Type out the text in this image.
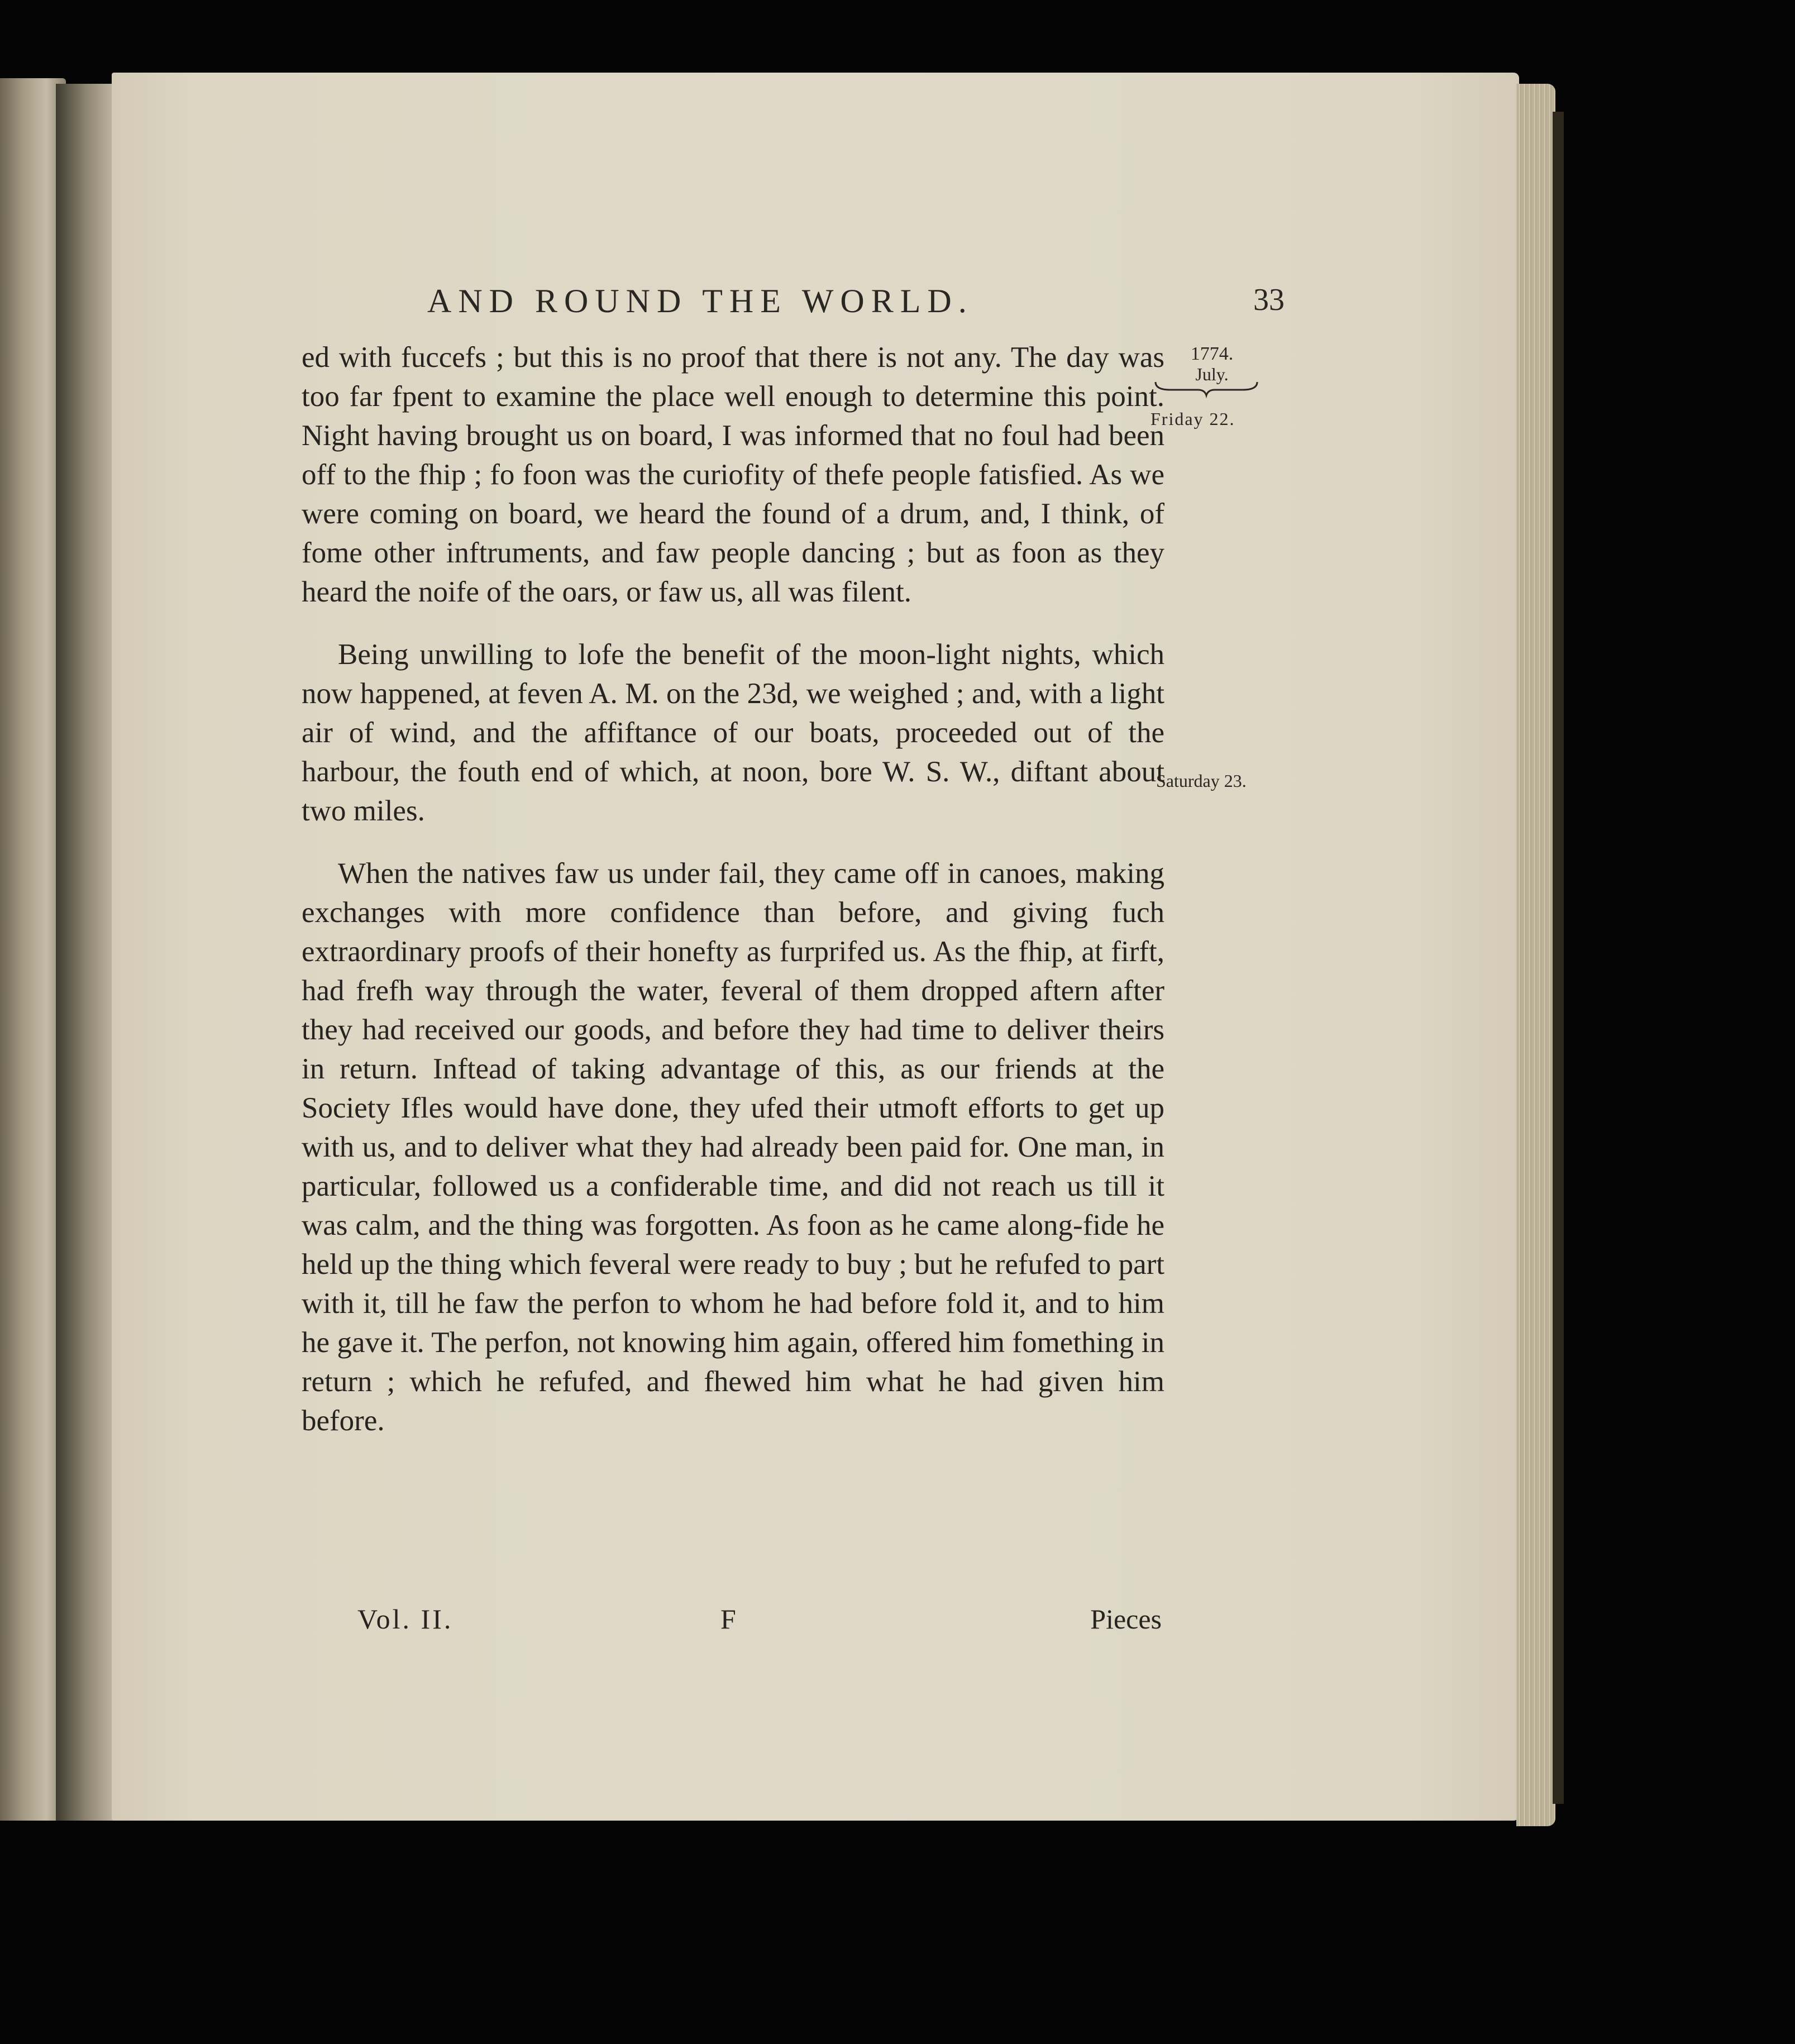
AND ROUND THE WORLD.	33
1774.
July.
Friday 22.
Saturday 23.

ed with fuccefs ; but this is no proof that there is not any. The day was too far fpent to examine the place well enough to determine this point. Night having brought us on board, I was informed that no foul had been off to the fhip ; fo foon was the curiofity of thefe people fatisfied. As we were coming on board, we heard the found of a drum, and, I think, of fome other inftruments, and faw people dancing ; but as foon as they heard the noife of the oars, or faw us, all was filent.

Being unwilling to lofe the benefit of the moon-light nights, which now happened, at feven A. M. on the 23d, we weighed ; and, with a light air of wind, and the affiftance of our boats, proceeded out of the harbour, the fouth end of which, at noon, bore W. S. W., diftant about two miles.

When the natives faw us under fail, they came off in canoes, making exchanges with more confidence than before, and giving fuch extraordinary proofs of their honefty as furprifed us. As the fhip, at firft, had frefh way through the water, feveral of them dropped aftern after they had received our goods, and before they had time to deliver theirs in return. Inftead of taking advantage of this, as our friends at the Society Ifles would have done, they ufed their utmoft efforts to get up with us, and to deliver what they had already been paid for. One man, in particular, followed us a confiderable time, and did not reach us till it was calm, and the thing was forgotten. As foon as he came along-fide he held up the thing which feveral were ready to buy ; but he refufed to part with it, till he faw the perfon to whom he had before fold it, and to him he gave it. The perfon, not knowing him again, offered him fomething in return ; which he refufed, and fhewed him what he had given him before.

Vol. II.	F	Pieces
